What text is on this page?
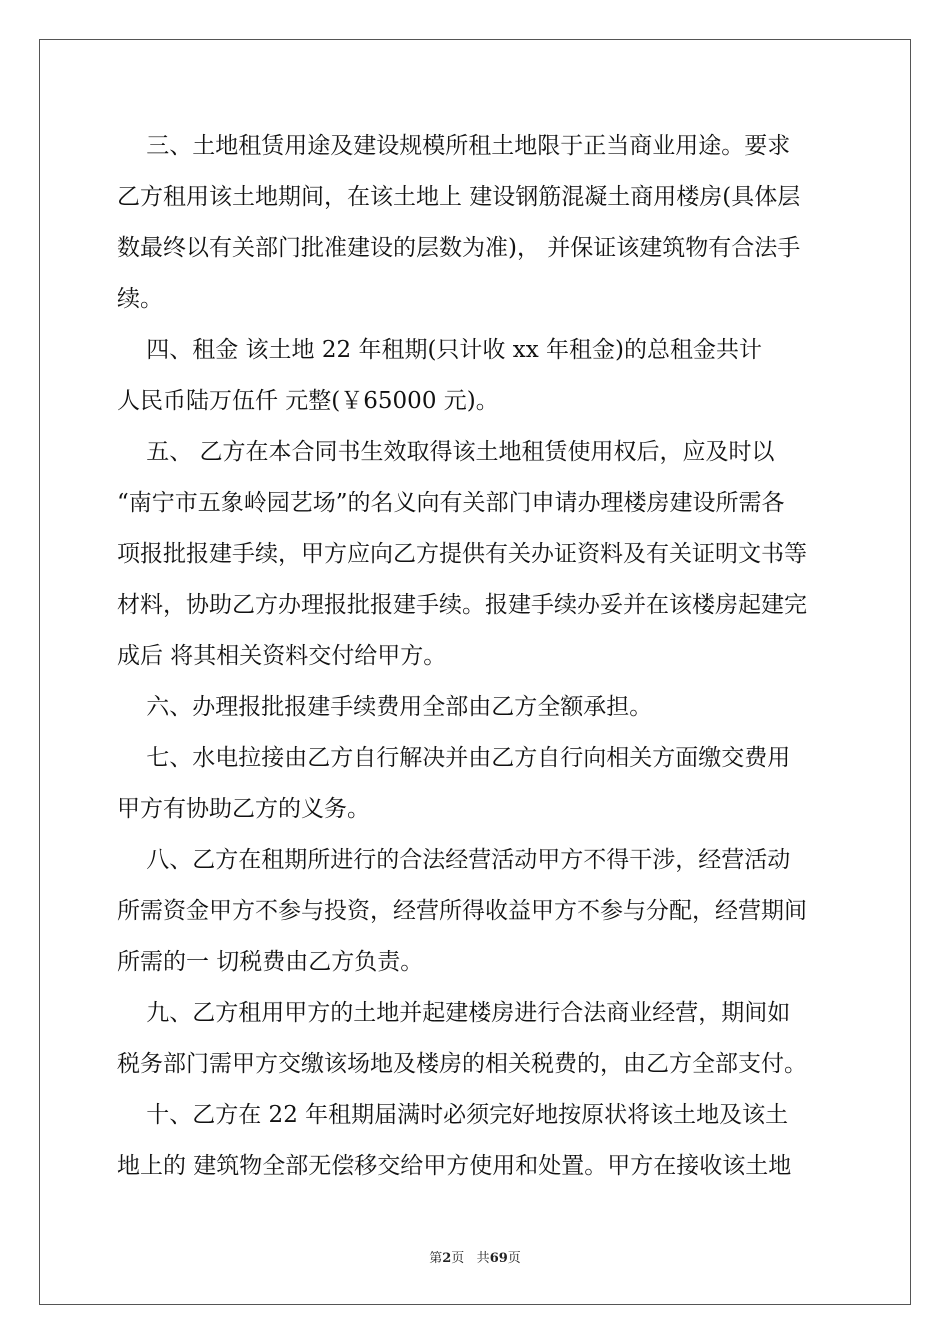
三、土地租赁用途及建设规模所租土地限于正当商业用途。要求
乙方租用该土地期间，在该土地上 建设钢筋混凝土商用楼房(具体层
数最终以有关部门批准建设的层数为准)， 并保证该建筑物有合法手
续。
四、租金 该土地 22 年租期(只计收 xx 年租金)的总租金共计
人民币陆万伍仟 元整(￥65000 元)。
五、 乙方在本合同书生效取得该土地租赁使用权后，应及时以
“南宁市五象岭园艺场”的名义向有关部门申请办理楼房建设所需各
项报批报建手续，甲方应向乙方提供有关办证资料及有关证明文书等
材料，协助乙方办理报批报建手续。报建手续办妥并在该楼房起建完
成后 将其相关资料交付给甲方。
六、办理报批报建手续费用全部由乙方全额承担。
七、水电拉接由乙方自行解决并由乙方自行向相关方面缴交费用
甲方有协助乙方的义务。
八、乙方在租期所进行的合法经营活动甲方不得干涉，经营活动
所需资金甲方不参与投资，经营所得收益甲方不参与分配，经营期间
所需的一 切税费由乙方负责。
九、乙方租用甲方的土地并起建楼房进行合法商业经营，期间如
税务部门需甲方交缴该场地及楼房的相关税费的，由乙方全部支付。
十、乙方在 22 年租期届满时必须完好地按原状将该土地及该土
地上的 建筑物全部无偿移交给甲方使用和处置。甲方在接收该土地
第2页 共69页
